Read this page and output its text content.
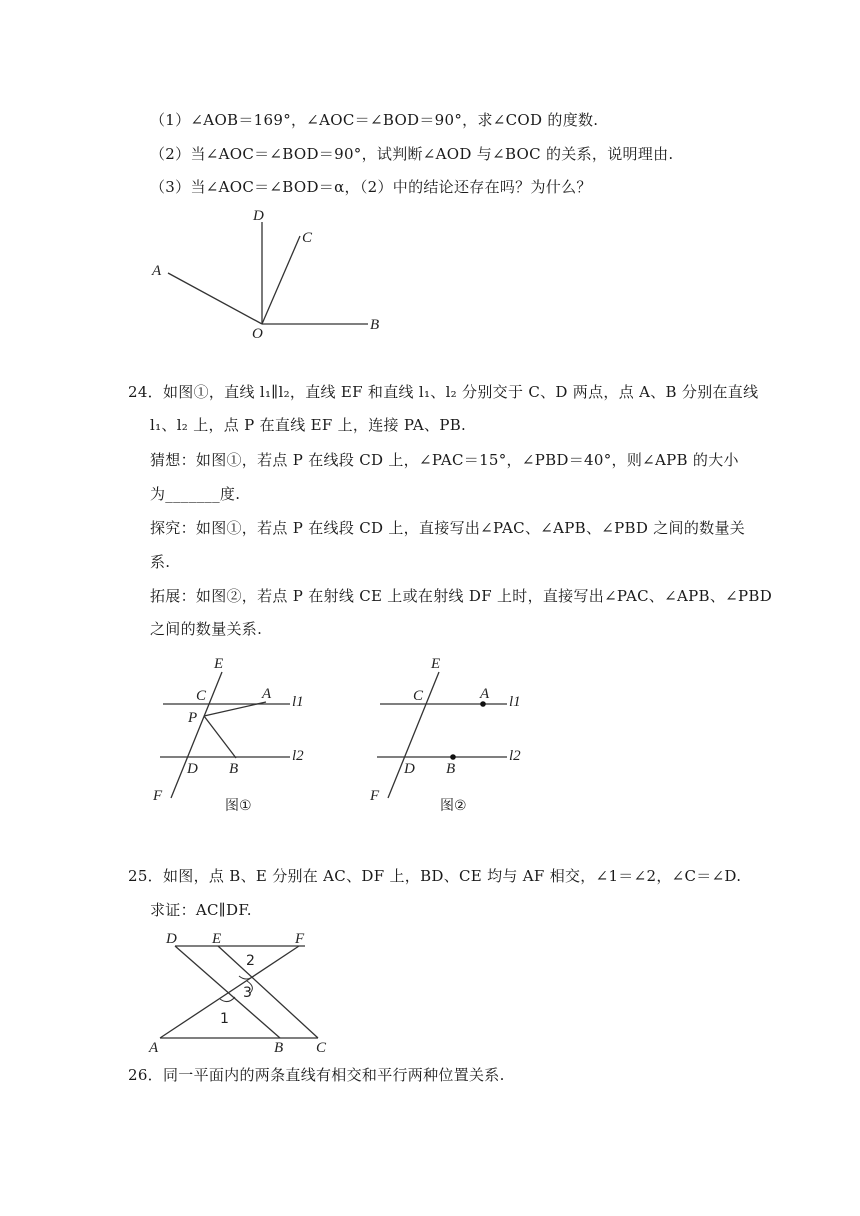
（1）∠AOB＝169°，∠AOC＝∠BOD＝90°，求∠COD 的度数.
（2）当∠AOC＝∠BOD＝90°，试判断∠AOD 与∠BOC 的关系，说明理由.
（3）当∠AOC＝∠BOD＝α，（2）中的结论还存在吗？为什么？
D
C
A
O
B
24．如图①，直线 l₁∥l₂，直线 EF 和直线 l₁、l₂ 分别交于 C、D 两点，点 A、B 分别在直线
l₁、l₂ 上，点 P 在直线 EF 上，连接 PA、PB.
猜想：如图①，若点 P 在线段 CD 上，∠PAC＝15°，∠PBD＝40°，则∠APB 的大小
为_______度.
探究：如图①，若点 P 在线段 CD 上，直接写出∠PAC、∠APB、∠PBD 之间的数量关
系.
拓展：如图②，若点 P 在射线 CE 上或在射线 DF 上时，直接写出∠PAC、∠APB、∠PBD
之间的数量关系.
E
C	A l1
P
l2
D B
F
图①
E
C	A l1
l2
D B
F
图②
25．如图，点 B、E 分别在 AC、DF 上，BD、CE 均与 AF 相交，∠1＝∠2，∠C＝∠D.
求证：AC∥DF.
D E	F
2
3
1
A	B C
26．同一平面内的两条直线有相交和平行两种位置关系.
